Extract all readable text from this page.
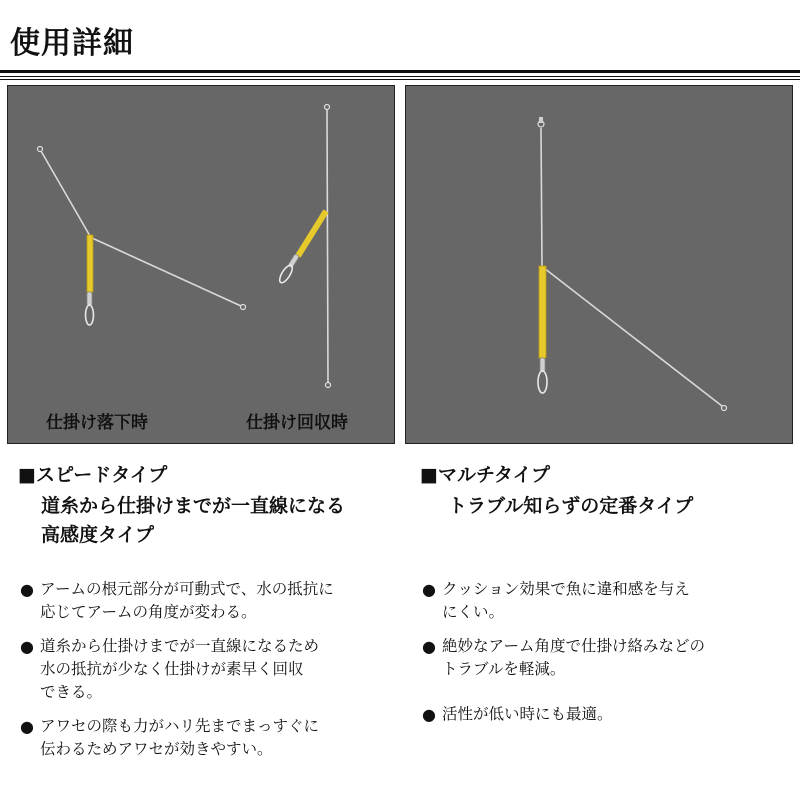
使用詳細
仕掛け落下時	仕掛け回収時
■スピードタイプ
道糸から仕掛けまでが一直線になる
高感度タイプ
● アームの根元部分が可動式で、水の抵抗に
応じてアームの角度が変わる。
● 道糸から仕掛けまでが一直線になるため
水の抵抗が少なく仕掛けが素早く回収
できる。
● アワセの際も力がハリ先までまっすぐに
伝わるためアワセが効きやすい。
■マルチタイプ
トラブル知らずの定番タイプ
● クッション効果で魚に違和感を与え
にくい。
● 絶妙なアーム角度で仕掛け絡みなどの
トラブルを軽減。
● 活性が低い時にも最適。
